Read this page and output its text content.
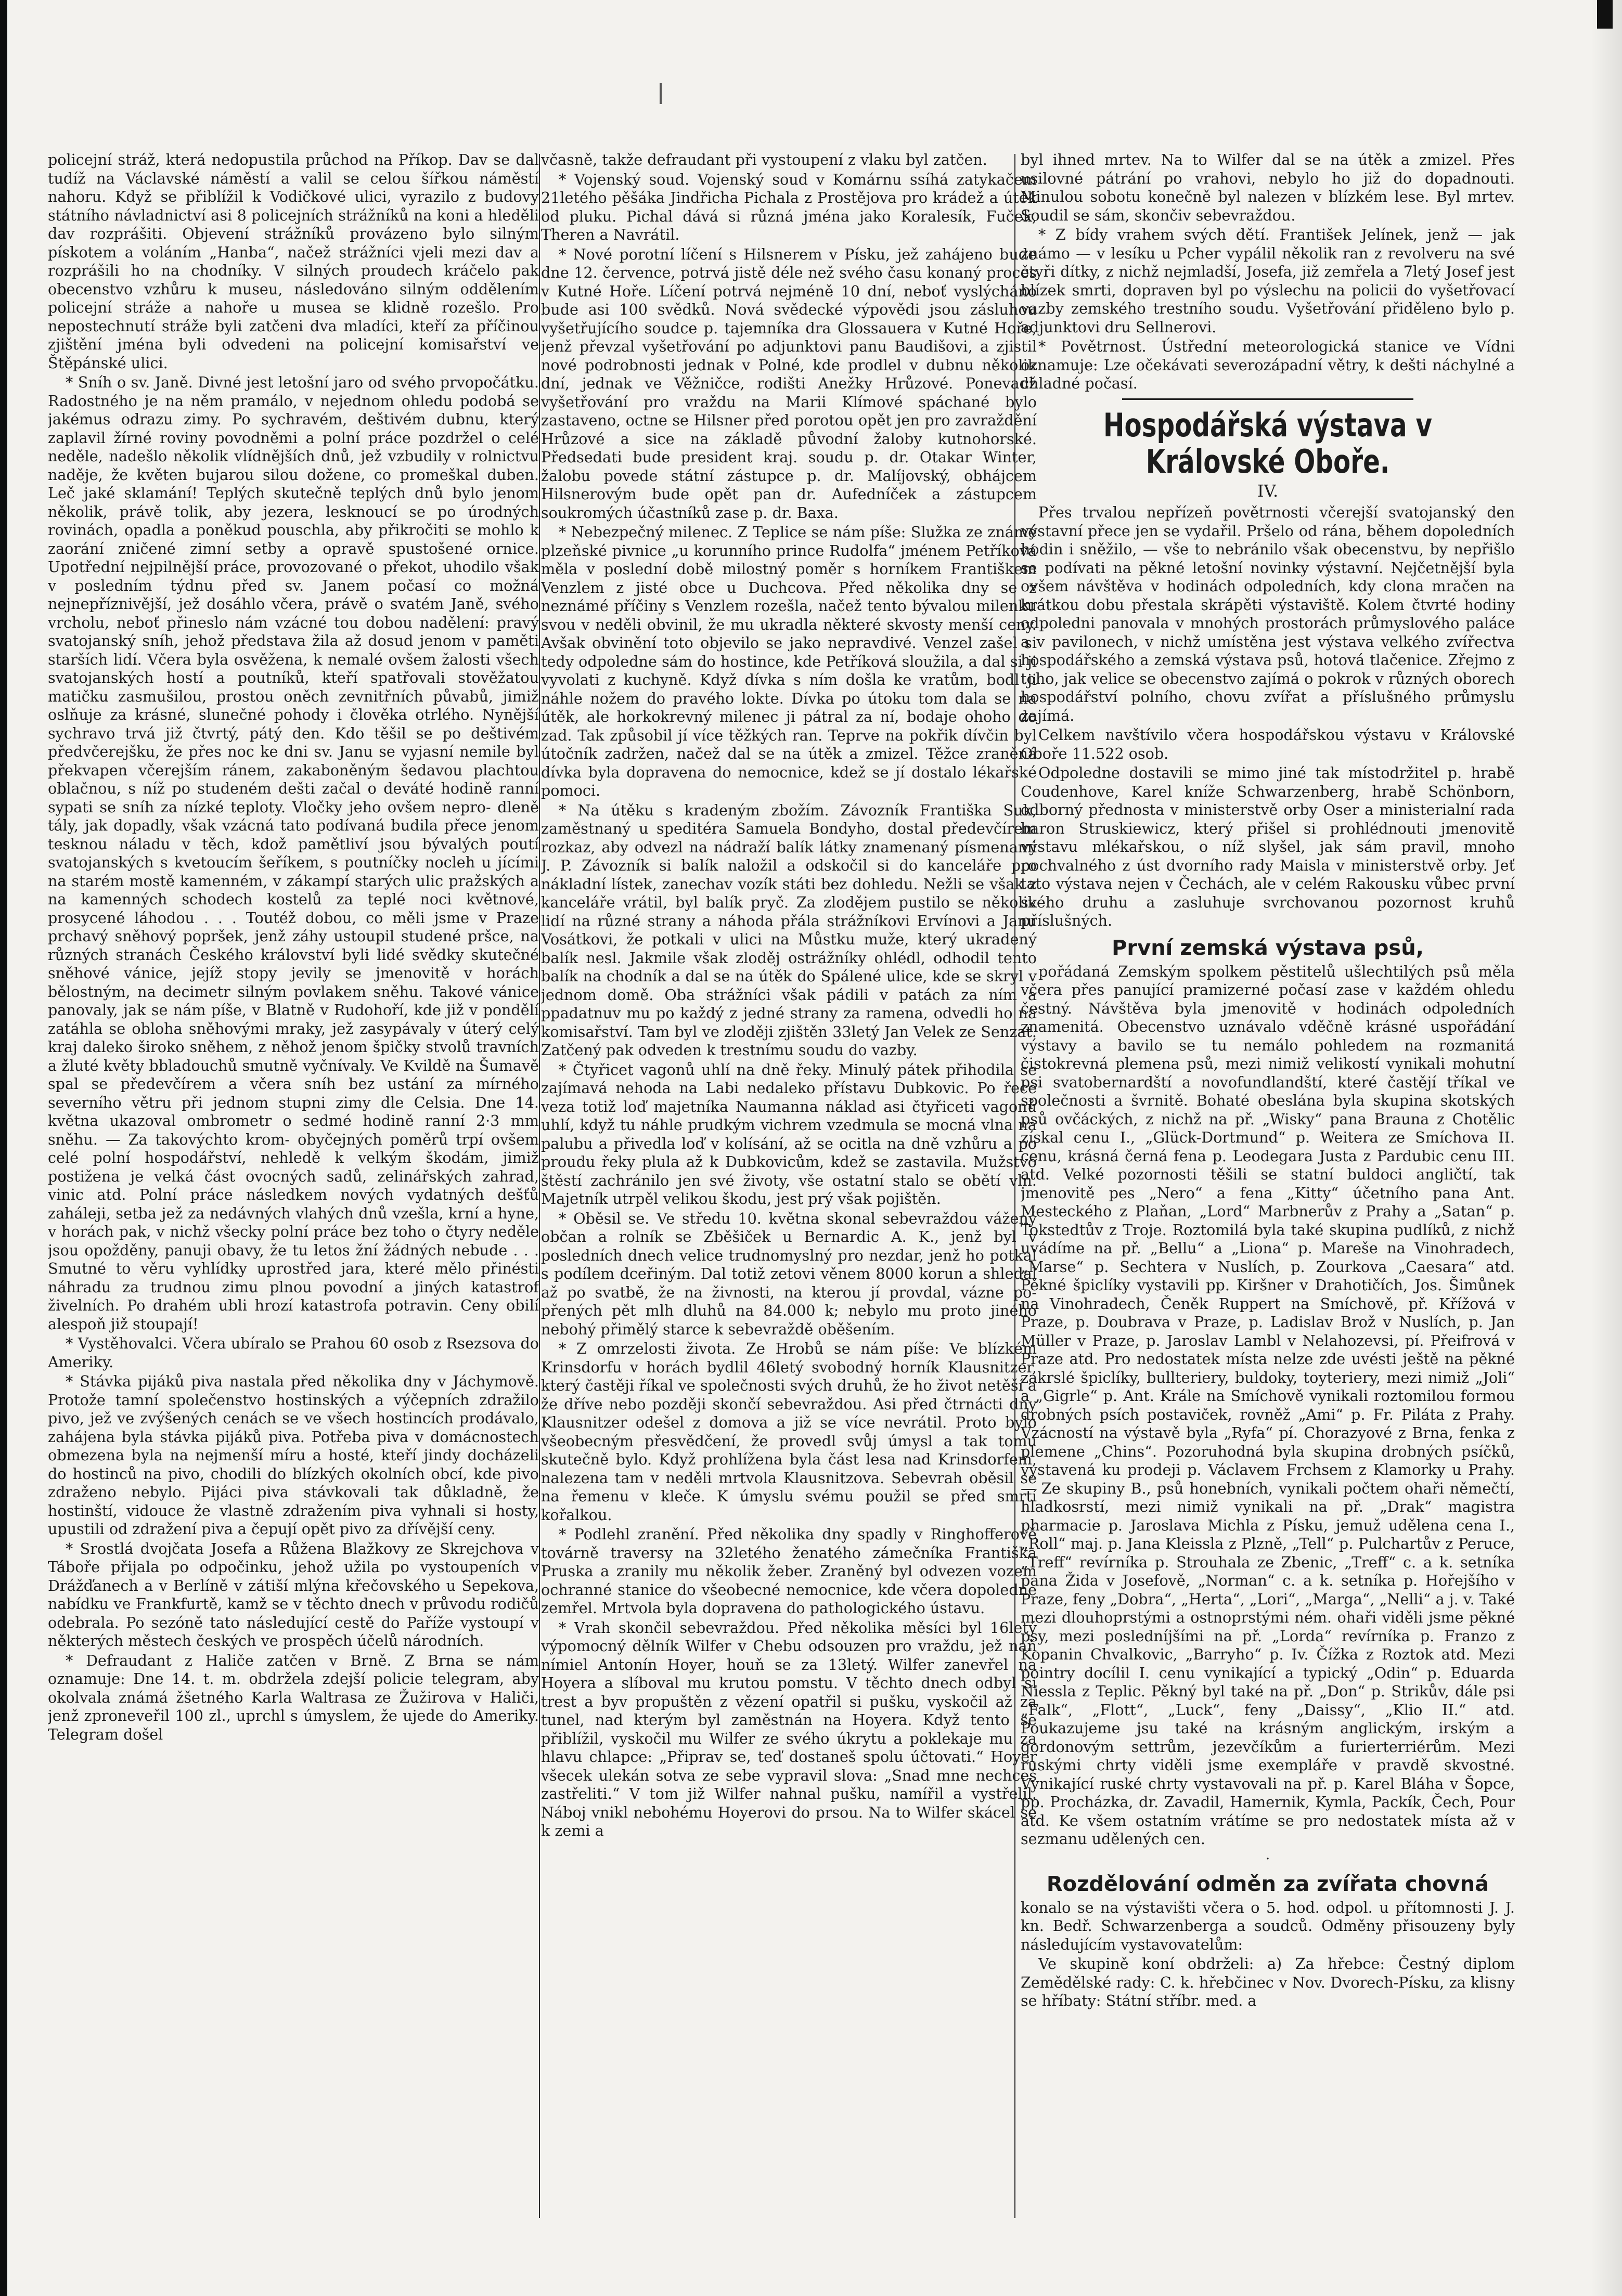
policejní stráž, která nedopustila průchod na Příkop. Dav se dal tudíž na Václavské náměstí a valil se celou šířkou náměstí nahoru. Když se přiblížil k Vodičkové ulici, vyrazilo z budovy státního návladnictví asi 8 policejních strážníků na koni a hleděli dav rozprášiti. Objevení strážníků provázeno bylo silným pískotem a voláním „Hanba“, načež strážníci vjeli mezi dav a rozprášili ho na chodníky. V silných proudech kráčelo pak obecenstvo vzhůru k museu, následováno silným oddělením policejní stráže a nahoře u musea se klidně rozešlo. Pro nepostechnutí stráže byli zatčeni dva mladíci, kteří za příčinou zjištění jména byli odvedeni na policejní komisařství ve Štěpánské ulici.

* Sníh o sv. Janě. Divné jest letošní jaro od svého prvopočátku. Radostného je na něm pramálo, v nejednom ohledu podobá se jakémus odrazu zimy. Po sychravém, deštivém dubnu, který zaplavil žírné roviny povodněmi a polní práce pozdržel o celé neděle, nadešlo několik vlídnějších dnů, jež vzbudily v rolnictvu naděje, že květen bujarou silou dožene, co promeškal duben. Leč jaké sklamání! Teplých skutečně teplých dnů bylo jenom několik, právě tolik, aby jezera, lesknoucí se po úrodných rovinách, opadla a poněkud pouschla, aby přikročiti se mohlo k zaorání zničené zimní setby a opravě spustošené ornice. Upotřední nejpilnější práce, provozované o překot, uhodilo však v posledním týdnu před sv. Janem počasí co možná nejnepříznivější, jež dosáhlo včera, právě o svatém Janě, svého vrcholu, neboť přineslo nám vzácné tou dobou nadělení: pravý svatojanský sníh, jehož představa žila až dosud jenom v paměti starších lidí. Včera byla osvěžena, k nemalé ovšem žalosti všech svatojanských hostí a poutníků, kteří spatřovali stověžatou matičku zasmušilou, prostou oněch zevnitřních půvabů, jimiž oslňuje za krásné, slunečné pohody i člověka otrlého. Nynější sychravo trvá již čtvrtý, pátý den. Kdo těšil se po deštivém předvčerejšku, že přes noc ke dni sv. Janu se vyjasní nemile byl překvapen včerejším ránem, zakaboněným šedavou plachtou oblačnou, s níž po studeném dešti začal o deváté hodině ranní sypati se sníh za nízké teploty. Vločky jeho ovšem nepro- dleně tály, jak dopadly, však vzácná tato podívaná budila přece jenom tesknou náladu v těch, kdož pamětliví jsou bývalých poutí svatojanských s kvetoucím šeříkem, s poutníčky nocleh u jícími na starém mostě kamenném, v zákampí starých ulic pražských a na kamenných schodech kostelů za teplé noci květnové, prosycené láhodou . . . Toutéž dobou, co měli jsme v Praze prchavý sněhový popršek, jenž záhy ustoupil studené pršce, na různých stranách Českého království byli lidé svědky skutečné sněhové vánice, jejíž stopy jevily se jmenovitě v horách bělostným, na decimetr silným povlakem sněhu. Takové vánice panovaly, jak se nám píše, v Blatně v Rudohoří, kde již v pondělí zatáhla se obloha sněhovými mraky, jež zasypávaly v úterý celý kraj daleko široko sněhem, z něhož jenom špičky stvolů travních a žluté květy bbladouchů smutně vyčnívaly. Ve Kvildě na Šumavě spal se předevčírem a včera sníh bez ustání za mírného severního větru při jednom stupni zimy dle Celsia. Dne 14. května ukazoval ombrometr o sedmé hodině ranní 2·3 mm sněhu. — Za takovýchto krom- obyčejných poměrů trpí ovšem celé polní hospodářství, nehledě k velkým škodám, jimiž postižena je velká část ovocných sadů, zelinářských zahrad, vinic atd. Polní práce následkem nových vydatných dešťů zaháleji, setba jež za nedávných vlahých dnů vzešla, krní a hyne, v horách pak, v nichž všecky polní práce bez toho o čtyry neděle jsou opožděny, panuji obavy, že tu letos žní žádných nebude . . . Smutné to věru vyhlídky uprostřed jara, které mělo přinésti náhradu za trudnou zimu plnou povodní a jiných katastrof živelních. Po drahém ubli hrozí katastrofa potravin. Ceny obilí alespoň již stoupají!

* Vystěhovalci. Včera ubíralo se Prahou 60 osob z Rsezsova do Ameriky.

* Stávka pijáků piva nastala před několika dny v Jáchymově. Protože tamní společenstvo hostinských a výčepních zdražilo pivo, jež ve zvýšených cenách se ve všech hostincích prodávalo, zahájena byla stávka pijáků piva. Potřeba piva v domácnostech obmezena byla na nejmenší míru a hosté, kteří jindy docházeli do hostinců na pivo, chodili do blízkých okolních obcí, kde pivo zdraženo nebylo. Pijáci piva stávkovali tak důkladně, že hostinští, vidouce že vlastně zdražením piva vyhnali si hosty, upustili od zdražení piva a čepují opět pivo za dřívější ceny.

* Srostlá dvojčata Josefa a Růžena Blažkovy ze Skrejchova v Táboře přijala po odpočinku, jehož užila po vystoupeních v Drážďanech a v Berlíně v zátiší mlýna křečovského u Sepekova, nabídku ve Frankfurtě, kamž se v těchto dnech v průvodu rodičů odebrala. Po sezóně tato následující cestě do Paříže vystoupí v některých městech českých ve prospěch účelů národních.

* Defraudant z Haliče zatčen v Brně. Z Brna se nám oznamuje: Dne 14. t. m. obdržela zdejší policie telegram, aby okolvala známá žšetného Karla Waltrasa ze Žužirova v Haliči, jenž zproneveřil 100 zl., uprchl s úmyslem, že ujede do Ameriky. Telegram došel

včasně, takže defraudant při vystoupení z vlaku byl zatčen.

* Vojenský soud. Vojenský soud v Komárnu ssíhá zatykačem 21letého pěšáka Jindřicha Pichala z Prostějova pro krádež a útěk od pluku. Pichal dává si různá jména jako Koralesík, Fuček, Theren a Navrátil.

* Nové porotní líčení s Hilsnerem v Písku, jež zahájeno bude dne 12. července, potrvá jistě déle než svého času konaný proces v Kutné Hoře. Líčení potrvá nejméně 10 dní, neboť vyslýcháno bude asi 100 svědků. Nová svědecké výpovědi jsou zásluhou vyšetřujícího soudce p. tajemníka dra Glossauera v Kutné Hoře, jenž převzal vyšetřování po adjunktovi panu Baudišovi, a zjistil nové podrobnosti jednak v Polné, kde prodlel v dubnu několik dní, jednak ve Věžničce, rodišti Anežky Hrůzové. Ponevadž vyšetřování pro vraždu na Marii Klímové spáchané bylo zastaveno, octne se Hilsner před porotou opět jen pro zavraždění Hrůzové a sice na základě původní žaloby kutnohorské. Předsedati bude president kraj. soudu p. dr. Otakar Winter, žalobu povede státní zástupce p. dr. Malíjovský, obhájcem Hilsnerovým bude opět pan dr. Aufedníček a zástupcem soukromých účastníků zase p. dr. Baxa.

* Nebezpečný milenec. Z Teplice se nám píše: Služka ze známé plzeňské pivnice „u korunního prince Rudolfa“ jménem Petříková měla v poslední době milostný poměr s horníkem Františkem Venzlem z jisté obce u Duchcova. Před několika dny se z neznámé příčiny s Venzlem rozešla, načež tento bývalou milenku svou v neděli obvinil, že mu ukradla některé skvosty menší ceny. Avšak obvinění toto objevilo se jako nepravdivé. Venzel zašel si tedy odpoledne sám do hostince, kde Petříková sloužila, a dal si ji vyvolati z kuchyně. Když dívka s ním došla ke vratům, bodl ji náhle nožem do pravého lokte. Dívka po útoku tom dala se na útěk, ale horkokrevný milenec ji pátral za ní, bodaje ohoho do zad. Tak způsobil jí více těžkých ran. Teprve na pokřik dívčin byl útočník zadržen, načež dal se na útěk a zmizel. Těžce zraněná dívka byla dopravena do nemocnice, kdež se jí dostalo lékařské pomoci.

* Na útěku s kradeným zbožím. Závozník Františka Suk, zaměstnaný u speditéra Samuela Bondyho, dostal předevčírem rozkaz, aby odvezl na nádraží balík látky znamenaný písmenami J. P. Závozník si balík naložil a odskočil si do kanceláře pro nákladní lístek, zanechav vozík státi bez dohledu. Nežli se však z kanceláře vrátil, byl balík pryč. Za zlodějem pustilo se několik lidí na různé strany a náhoda přála strážníkovi Ervínovi a Janu Vosátkovi, že potkali v ulici na Můstku muže, který ukradený balík nesl. Jakmile však zloděj ostrážníky ohlédl, odhodil tento balík na chodník a dal se na útěk do Spálené ulice, kde se skryl v jednom domě. Oba strážníci však pádili v patách za ním a ppadatnuv mu po každý z jedné strany za ramena, odvedli ho na komisařství. Tam byl ve zloději zjištěn 33letý Jan Velek ze Senzat. Zatčený pak odveden k trestnímu soudu do vazby.

* Čtyřicet vagonů uhlí na dně řeky. Minulý pátek přihodila se zajímavá nehoda na Labi nedaleko přístavu Dubkovic. Po řece veza totiž loď majetníka Naumanna náklad asi čtyřiceti vagonů uhlí, když tu náhle prudkým vichrem vzedmula se mocná vlna na palubu a přivedla loď v kolísání, až se ocitla na dně vzhůru a po proudu řeky plula až k Dubkovicům, kdež se zastavila. Mužstvo štěstí zachránilo jen své životy, vše ostatní stalo se obětí vln. Majetník utrpěl velikou škodu, jest prý však pojištěn.

* Oběsil se. Ve středu 10. května skonal sebevraždou vážený občan a rolník se Zběšiček u Bernardic A. K., jenž byl v posledních dnech velice trudnomyslný pro nezdar, jenž ho potkal s podílem dceřiným. Dal totiž zetovi věnem 8000 korun a shledal až po svatbě, že na živnosti, na kterou jí provdal, vázne po- přených pět mlh dluhů na 84.000 k; nebylo mu proto jiného nebohý přimělý starce k sebevraždě oběšením.

* Z omrzelosti života. Ze Hrobů se nám píše: Ve blízkém Krinsdorfu v horách bydlil 46letý svobodný horník Klausnitzer, který častěji říkal ve společnosti svých druhů, že ho život netěší a že dříve nebo později skončí sebevraždou. Asi před čtrnácti dny Klausnitzer odešel z domova a již se více nevrátil. Proto bylo všeobecným přesvědčení, že provedl svůj úmysl a tak tomu skutečně bylo. Když prohlížena byla část lesa nad Krinsdorfem, nalezena tam v neděli mrtvola Klausnitzova. Sebevrah oběsil se na řemenu v kleče. K úmyslu svému použil se před smrtí kořalkou.

* Podlehl zranění. Před několika dny spadly v Ringhofferově továrně traversy na 32letého ženatého zámečníka Františka Pruska a zranily mu několik žeber. Zraněný byl odvezen vozem ochranné stanice do všeobecné nemocnice, kde včera dopoledne zemřel. Mrtvola byla dopravena do pathologického ústavu.

* Vrah skončil sebevraždou. Před několika měsíci byl 16letý výpomocný dělník Wilfer v Chebu odsouzen pro vraždu, jež naň nímiel Antonín Hoyer, houň se za 13letý. Wilfer zanevřel na Hoyera a slíboval mu krutou pomstu. V těchto dnech odbyl si trest a byv propuštěn z vězení opatřil si pušku, vyskočil až za tunel, nad kterým byl zaměstnán na Hoyera. Když tento se přiblížil, vyskočil mu Wilfer ze svého úkrytu a poklekaje mu za hlavu chlapce: „Připrav se, teď dostaneš spolu účtovati.“ Hoyer všecek ulekán sotva ze sebe vypravil slova: „Snad mne nechceš zastřeliti.“ V tom již Wilfer nahnal pušku, namířil a vystřelil. Náboj vnikl nebohému Hoyerovi do prsou. Na to Wilfer skácel se k zemi a

byl ihned mrtev. Na to Wilfer dal se na útěk a zmizel. Přes usilovné pátrání po vrahovi, nebylo ho již do dopadnouti. Minulou sobotu konečně byl nalezen v blízkém lese. Byl mrtev. Soudil se sám, skončiv sebevraždou.

* Z bídy vrahem svých dětí. František Jelínek, jenž — jak známo — v lesíku u Pcher vypálil několik ran z revolveru na své čtyři dítky, z nichž nejmladší, Josefa, již zemřela a 7letý Josef jest blízek smrti, dopraven byl po výslechu na policii do vyšetřovací vazby zemského trestního soudu. Vyšetřování přiděleno bylo p. adjunktovi dru Sellnerovi.

* Povětrnost. Ústřední meteorologická stanice ve Vídni oznamuje: Lze očekávati severozápadní větry, k dešti náchylné a chladné počasí.

Hospodářská výstava v Královské Obořе.
IV.

Přes trvalou nepřízeň povětrnosti včerejší svatojanský den výstavní přece jen se vydařil. Pršelo od rána, během dopoledních hodin i sněžilo, — vše to nebránilo však obecenstvu, by nepřišlo se podívati na pěkné letošní novinky výstavní. Nejčetnější byla ovšem návštěva v hodinách odpoledních, kdy clona mračen na krátkou dobu přestala skrápěti výstaviště. Kolem čtvrté hodiny odpoledni panovala v mnohých prostorách průmyslového paláce a v pavilonech, v nichž umístěna jest výstava velkého zvířectva hospodářského a zemská výstava psů, hotová tlačenice. Zřejmo z toho, jak velice se obecenstvo zajímá o pokrok v různých oborech hospodářství polního, chovu zvířat a příslušného průmyslu zajímá.

Celkem navštívilo včera hospodářskou výstavu v Královské Oboře 11.522 osob.

Odpoledne dostavili se mimo jiné tak místodržitel p. hrabě Coudenhove, Karel kníže Schwarzenberg, hrabě Schönborn, odborný přednosta v ministerstvě orby Oser a ministerialní rada baron Struskiewicz, který přišel si prohlédnouti jmenovitě výstavu mlékařskou, o níž slyšel, jak sám pravil, mnoho pochvalného z úst dvorního rady Maisla v ministerstvě orby. Jeť tato výstava nejen v Čechách, ale v celém Rakousku vůbec první svého druhu a zasluhuje svrchovanou pozornost kruhů příslušných.

První zemská výstava psů,

pořádaná Zemským spolkem pěstitelů ušlechtilých psů měla včera přes panující pramizerné počasí zase v každém ohledu čestný. Návštěva byla jmenovitě v hodinách odpoledních znamenitá. Obecenstvo uznávalo vděčně krásné uspořádání výstavy a bavilo se tu nemálo pohledem na rozmanitá čistokrevná plemena psů, mezi nimiž velikostí vynikali mohutní psi svatobernardští a novofundlandští, které častějí tříkal ve společnosti a švrnitě. Bohaté obeslána byla skupina skotských psů ovčáckých, z nichž na př. „Wisky“ pana Brauna z Chotělic získal cenu I., „Glück-Dortmund“ p. Weitera ze Smíchova II. cenu, krásná černá fena p. Leodegara Justa z Pardubic cenu III. atd. Velké pozornosti těšili se statní buldoci angličtí, tak jmenovitě pes „Nero“ a fena „Kitty“ účetního pana Ant. Mesteckého z Plaňan, „Lord“ Marbnerův z Prahy a „Satan“ p. Tokstedtův z Troje. Roztomilá byla také skupina pudlíků, z nichž uvádíme na př. „Bellu“ a „Liona“ p. Mareše na Vinohradech, „Marse“ p. Sechtera v Nuslích, p. Zourkova „Caesara“ atd. Pěkné špiclíky vystavili pp. Kiršner v Drahotičích, Jos. Šimůnek na Vinohradech, Čeněk Ruppert na Smíchově, př. Křížová v Praze, p. Doubrava v Praze, p. Ladislav Brož v Nuslích, p. Jan Müller v Praze, p. Jaroslav Lambl v Nelahozevsi, pí. Přeifrová v Praze atd. Pro nedostatek místa nelze zde uvésti ještě na pěkné zakrslé špiclíky, bullteriery, buldoky, toyteriery, mezi nimiž „Joli“ a „Gigrle“ p. Ant. Krále na Smíchově vynikali roztomilou formou drobných psích postaviček, rovněž „Ami“ p. Fr. Piláta z Prahy. Vzácností na výstavě byla „Ryfa“ pí. Chorazyové z Brna, fenka z plemene „Chins“. Pozoruhodná byla skupina drobných psíčků, vystavená ku prodeji p. Václavem Frchsem z Klamorky u Prahy. — Ze skupiny B., psů honebních, vynikali počtem ohaři němečtí, hladkosrstí, mezi nimiž vynikali na př. „Drak“ magistra pharmacie p. Jaroslava Michla z Písku, jemuž udělena cena I., „Roll“ maj. p. Jana Kleissla z Plzně, „Tell“ p. Pulchartův z Peruce, „Treff“ revírníka p. Strouhala ze Zbenic, „Treff“ c. a k. setníka pana Žida v Josefově, „Norman“ c. a k. setníka p. Hořejšího v Praze, feny „Dobra“, „Herta“, „Lori“, „Marga“, „Nelli“ a j. v. Také mezi dlouhoprstými a ostnoprstými ném. ohaři viděli jsme pěkné psy, mezi posledníjšími na př. „Lorda“ revírníka p. Franzo z Kopanin Chvalkovic, „Barryho“ p. Iv. Čížka z Roztok atd. Mezi pointry docílil I. cenu vynikající a typický „Odin“ p. Eduarda Niessla z Teplic. Pěkný byl také na př. „Don“ p. Strikův, dále psi „Falk“, „Flott“, „Luck“, feny „Daissy“, „Klio II.“ atd. Poukazujeme jsu také na krásným anglickým, irským a gordonovým settrům, jezevčíkům a furierterriérům. Mezi ruskými chrty viděli jsme exempláře v pravdě skvostné. Vynikající ruské chrty vystavovali na př. p. Karel Bláha v Šopce, pp. Procházka, dr. Zavadil, Hamernik, Kymla, Packík, Čech, Pour atd. Ke všem ostatním vrátíme se pro nedostatek místa až v sezmanu udělených cen.

·
Rozdělování odměn za zvířata chovná

konalo se na výstavišti včera o 5. hod. odpol. u přítomnosti J. J. kn. Bedř. Schwarzenberga a soudců. Odměny přisouzeny byly následujícím vystavovatelům:

Ve skupině koní obdrželi: a) Za hřebce: Čestný diplom Zemědělské rady: C. k. hřebčinec v Nov. Dvorech-Písku, za klisny se hříbaty: Státní stříbr. med. a
